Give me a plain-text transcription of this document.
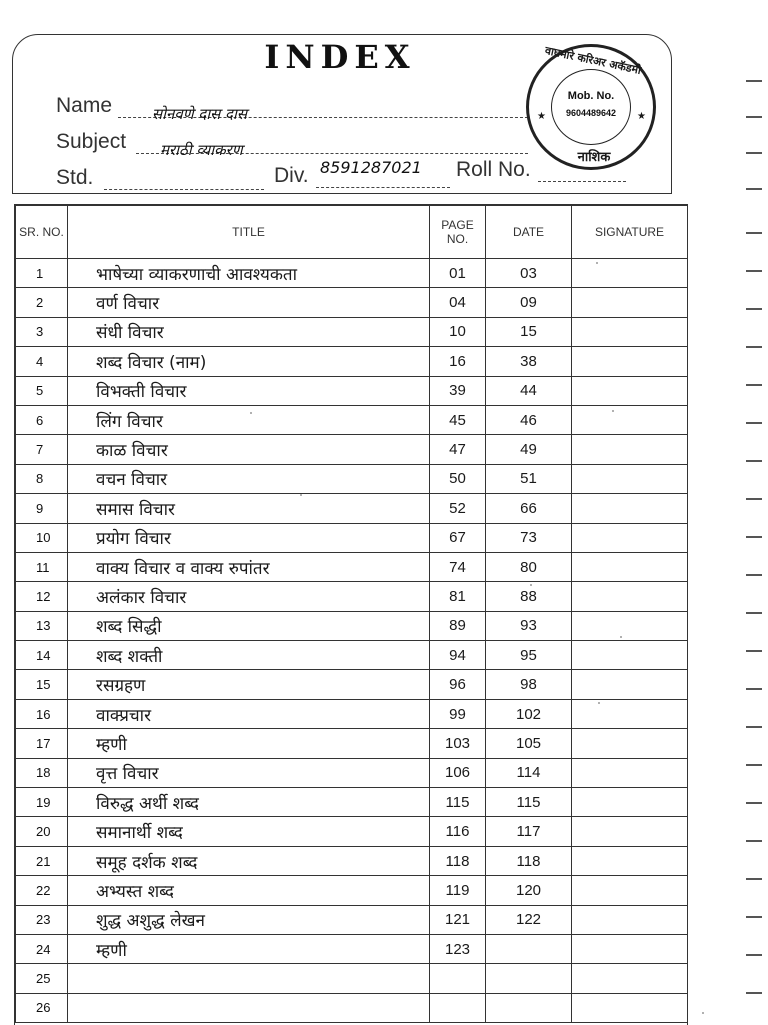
INDEX
Name	सोनवणे दास दास
Subject मराठी व्याकरण
Std.	Div. 8591287021 Roll No.
वाघमारे करिअर अकॅडमी
Mob. No.
9604489642
★	★
नाशिक
SR. NO.	TITLE	PAGE NO.	DATE	SIGNATURE
1	भाषेच्या व्याकरणाची आवश्यकता	01	03	
2	वर्ण विचार	04	09	
3	संधी विचार	10	15	
4	शब्द विचार (नाम)	16	38	
5	विभक्ती विचार	39	44	
6	लिंग विचार	45	46	
7	काळ विचार	47	49	
8	वचन विचार	50	51	
9	समास विचार	52	66	
10	प्रयोग विचार	67	73	
11	वाक्य विचार व वाक्य रुपांतर	74	80	
12	अलंकार विचार	81	88	
13	शब्द सिद्धी	89	93	
14	शब्द शक्ती	94	95	
15	रसग्रहण	96	98	
16	वाक्प्रचार	99	102	
17	म्हणी	103	105	
18	वृत्त विचार	106	114	
19	विरुद्ध अर्थी शब्द	115	115	
20	समानार्थी शब्द	116	117	
21	समूह दर्शक शब्द	118	118	
22	अभ्यस्त शब्द	119	120	
23	शुद्ध अशुद्ध लेखन	121	122	
24	म्हणी	123		
25				
26				
